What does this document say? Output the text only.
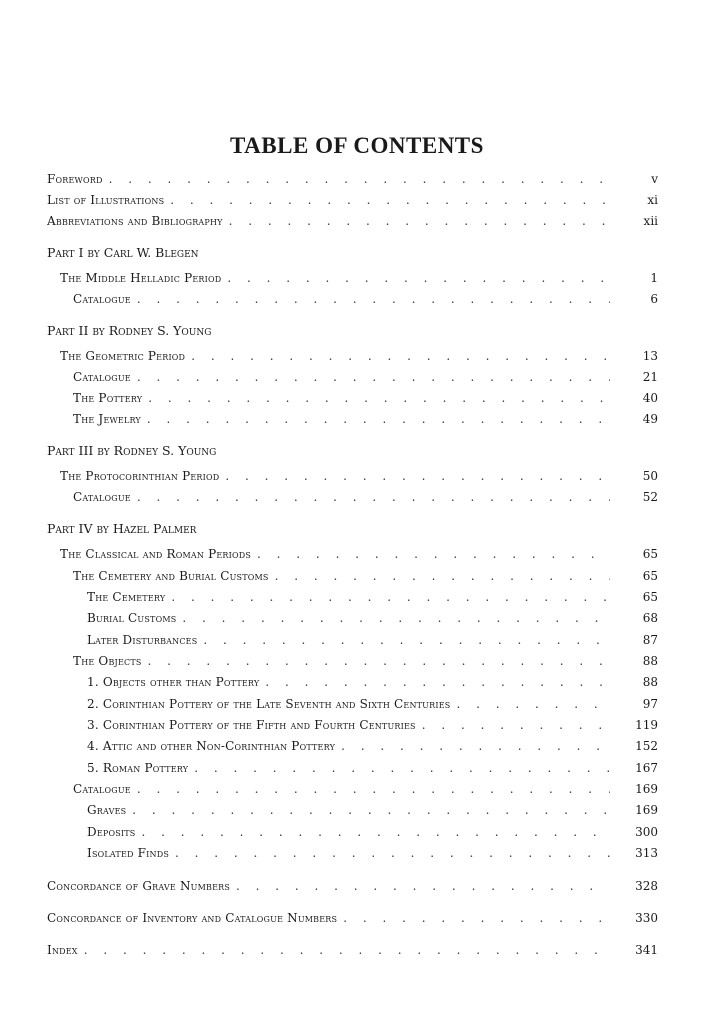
TABLE OF CONTENTS
Foreword . . .	v
List of Illustrations . . .	xi
Abbreviations and Bibliography . . .	xii
Part I by Carl W. Blegen
The Middle Helladic Period . . .	1
Catalogue . . .	6
Part II by Rodney S. Young
The Geometric Period . . .	13
Catalogue . . .	21
The Pottery . . .	40
The Jewelry . . .	49
Part III by Rodney S. Young
The Protocorinthian Period . . .	50
Catalogue . . .	52
Part IV by Hazel Palmer
The Classical and Roman Periods . . .	65
The Cemetery and Burial Customs . . .	65
The Cemetery . . .	65
Burial Customs . . .	68
Later Disturbances . . .	87
The Objects . . .	88
1. Objects other than Pottery . . .	88
2. Corinthian Pottery of the Late Seventh and Sixth Centuries . . .	97
3. Corinthian Pottery of the Fifth and Fourth Centuries . . .	119
4. Attic and other Non-Corinthian Pottery . . .	152
5. Roman Pottery . . .	167
Catalogue . . .	169
Graves . . .	169
Deposits . . .	300
Isolated Finds . . .	313
Concordance of Grave Numbers . . .	328
Concordance of Inventory and Catalogue Numbers . . .	330
Index . . .	341
